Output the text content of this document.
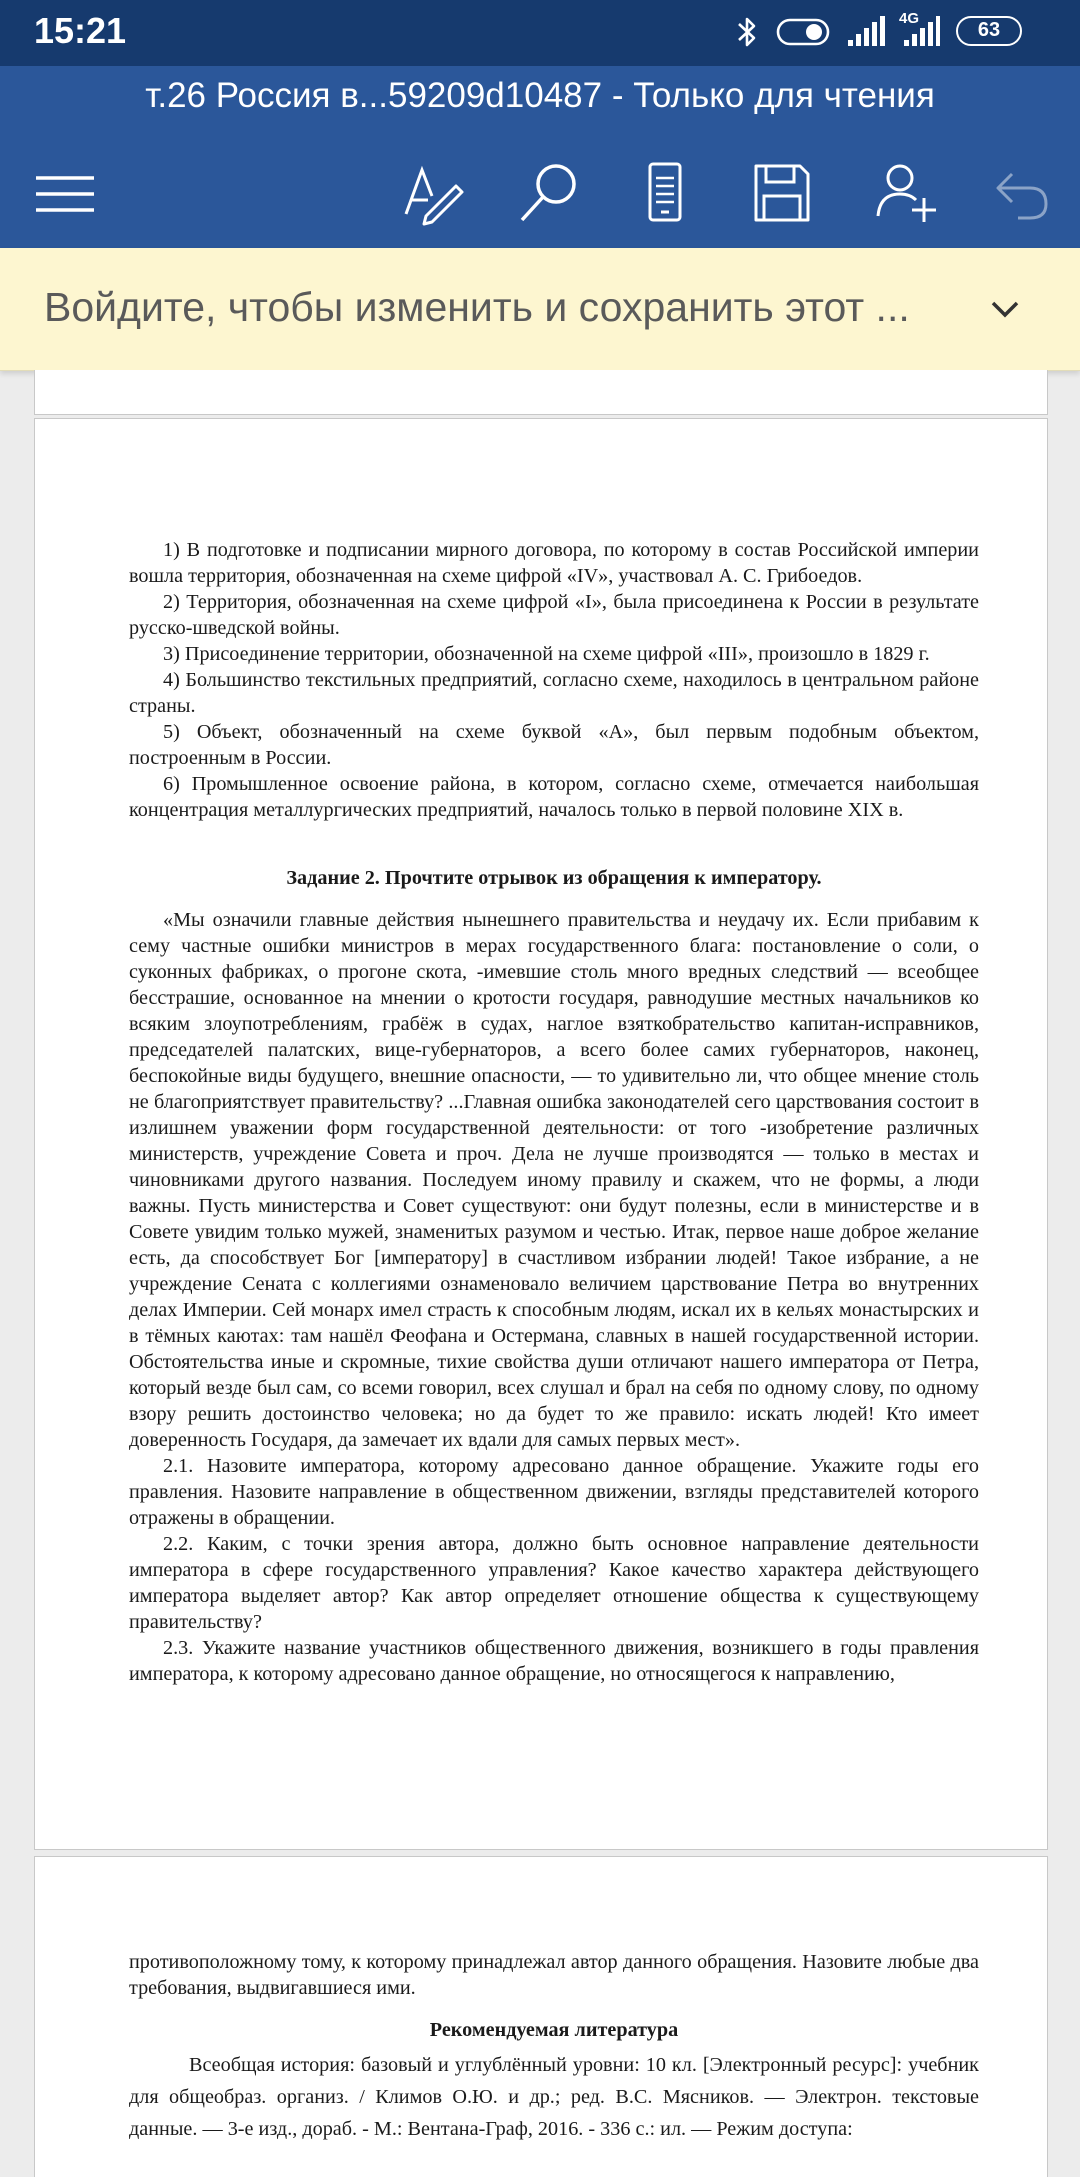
15:21	4G
63
т.26 Россия в...59209d10487 - Только для чтения
Войдите, чтобы изменить и сохранить этот ...

1) В подготовке и подписании мирного договора, по которому в состав Российской империи вошла территория, обозначенная на схеме цифрой «IV», участвовал А. С. Грибоедов.

2) Территория, обозначенная на схеме цифрой «I», была присоединена к России в результате русско-шведской войны.

3) Присоединение территории, обозначенной на схеме цифрой «III», произошло в 1829 г.

4) Большинство текстильных предприятий, согласно схеме, находилось в центральном районе страны.

5) Объект, обозначенный на схеме буквой «А», был первым подобным объектом, построенным в России.

6) Промышленное освоение района, в котором, согласно схеме, отмечается наибольшая концентрация металлургических предприятий, началось только в первой половине XIX в.

Задание 2. Прочтите отрывок из обращения к императору.

«Мы означили главные действия нынешнего правительства и неудачу их. Если прибавим к сему частные ошибки министров в мерах государственного блага: постановление о соли, о суконных фабриках, о прогоне скота, -имевшие столь много вредных следствий — всеобщее бесстрашие, основанное на мнении о кротости государя, равнодушие местных начальников ко всяким злоупотреблениям, грабёж в судах, наглое взяткобрательство капитан-исправников, председателей палатских, вице-губернаторов, а всего более самих губернаторов, наконец, беспокойные виды будущего, внешние опасности, — то удивительно ли, что общее мнение столь не благоприятствует правительству? ...Главная ошибка законодателей сего царствования состоит в излишнем уважении форм государственной деятельности: от того -изобретение различных министерств, учреждение Совета и проч. Дела не лучше производятся — только в местах и чиновниками другого названия. Последуем иному правилу и скажем, что не формы, а люди важны. Пусть министерства и Совет существуют: они будут полезны, если в министерстве и в Совете увидим только мужей, знаменитых разумом и честью. Итак, первое наше доброе желание есть, да способствует Бог [императору] в счастливом избрании людей! Такое избрание, а не учреждение Сената с коллегиями ознаменовало величием царствование Петра во внутренних делах Империи. Сей монарх имел страсть к способным людям, искал их в кельях монастырских и в тёмных каютах: там нашёл Феофана и Остермана, славных в нашей государственной истории. Обстоятельства иные и скромные, тихие свойства души отличают нашего императора от Петра, который везде был сам, со всеми говорил, всех слушал и брал на себя по одному слову, по одному взору решить достоинство человека; но да будет то же правило: искать людей! Кто имеет доверенность Государя, да замечает их вдали для самых первых мест».

2.1. Назовите императора, которому адресовано данное обращение. Укажите годы его правления. Назовите направление в общественном движении, взгляды представителей которого отражены в обращении.

2.2. Каким, с точки зрения автора, должно быть основное направление деятельности императора в сфере государственного управления? Какое качество характера действующего императора выделяет автор? Как автор определяет отношение общества к существующему правительству?

2.3. Укажите название участников общественного движения, возникшего в годы правления императора, к которому адресовано данное обращение, но относящегося к направлению,

противоположному тому, к которому принадлежал автор данного обращения. Назовите любые два требования, выдвигавшиеся ими.

Рекомендуемая литература

Всеобщая история: базовый и углублённый уровни: 10 кл. [Электронный ресурс]: учебник для общеобраз. организ. / Климов О.Ю. и др.; ред. В.С. Мясников. — Электрон. текстовые данные. — 3-е изд., дораб. - М.: Вентана-Граф, 2016. - 336 с.: ил. — Режим доступа:
